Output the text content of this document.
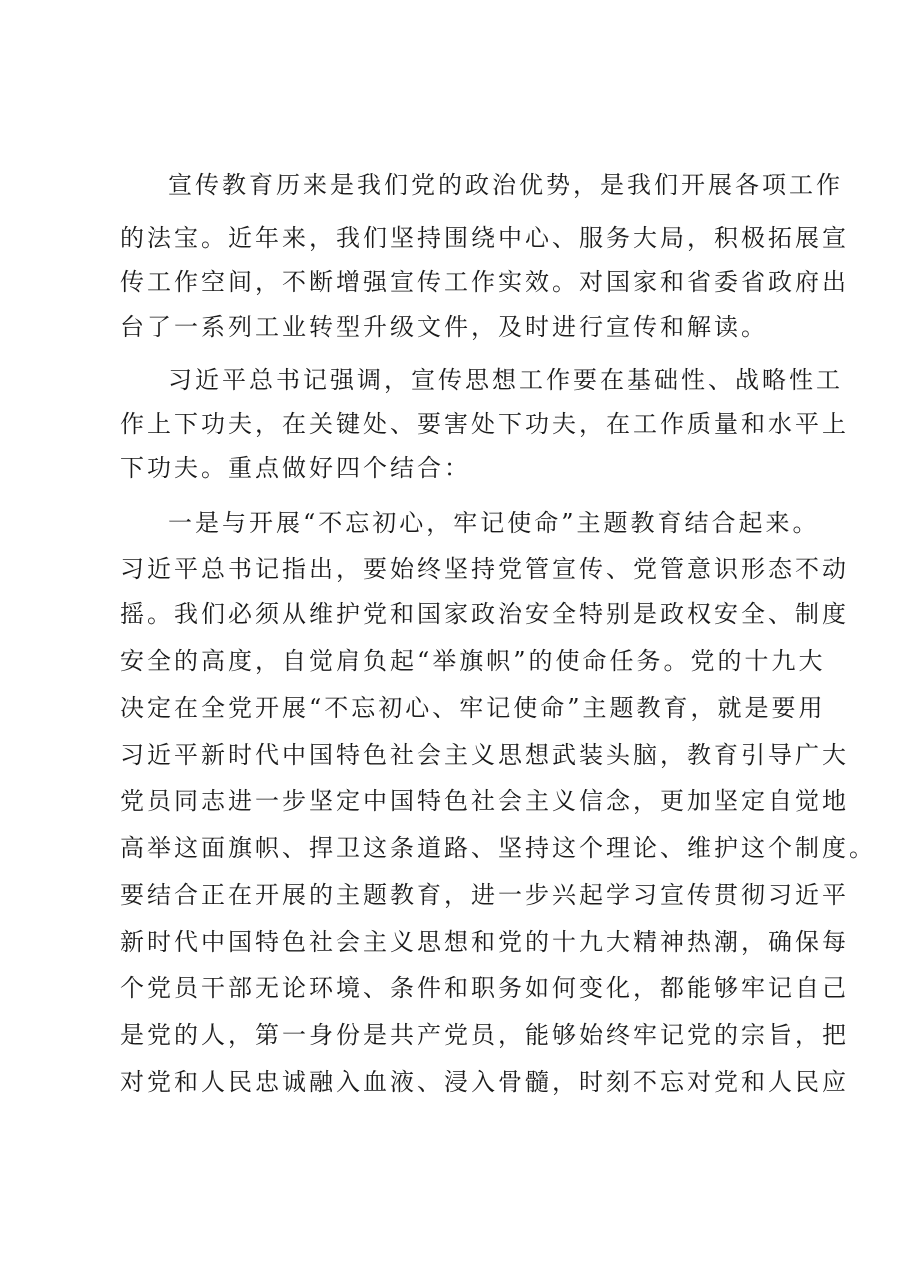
宣传教育历来是我们党的政治优势，是我们开展各项工作
的法宝。近年来，我们坚持围绕中心、服务大局，积极拓展宣
传工作空间，不断增强宣传工作实效。对国家和省委省政府出
台了一系列工业转型升级文件，及时进行宣传和解读。
习近平总书记强调，宣传思想工作要在基础性、战略性工
作上下功夫，在关键处、要害处下功夫，在工作质量和水平上
下功夫。重点做好四个结合：
一是与开展“不忘初心，牢记使命”主题教育结合起来。
习近平总书记指出，要始终坚持党管宣传、党管意识形态不动
摇。我们必须从维护党和国家政治安全特别是政权安全、制度
安全的高度，自觉肩负起“举旗帜”的使命任务。党的十九大
决定在全党开展“不忘初心、牢记使命”主题教育，就是要用
习近平新时代中国特色社会主义思想武装头脑，教育引导广大
党员同志进一步坚定中国特色社会主义信念，更加坚定自觉地
高举这面旗帜、捍卫这条道路、坚持这个理论、维护这个制度。
要结合正在开展的主题教育，进一步兴起学习宣传贯彻习近平
新时代中国特色社会主义思想和党的十九大精神热潮，确保每
个党员干部无论环境、条件和职务如何变化，都能够牢记自己
是党的人，第一身份是共产党员，能够始终牢记党的宗旨，把
对党和人民忠诚融入血液、浸入骨髓，时刻不忘对党和人民应
